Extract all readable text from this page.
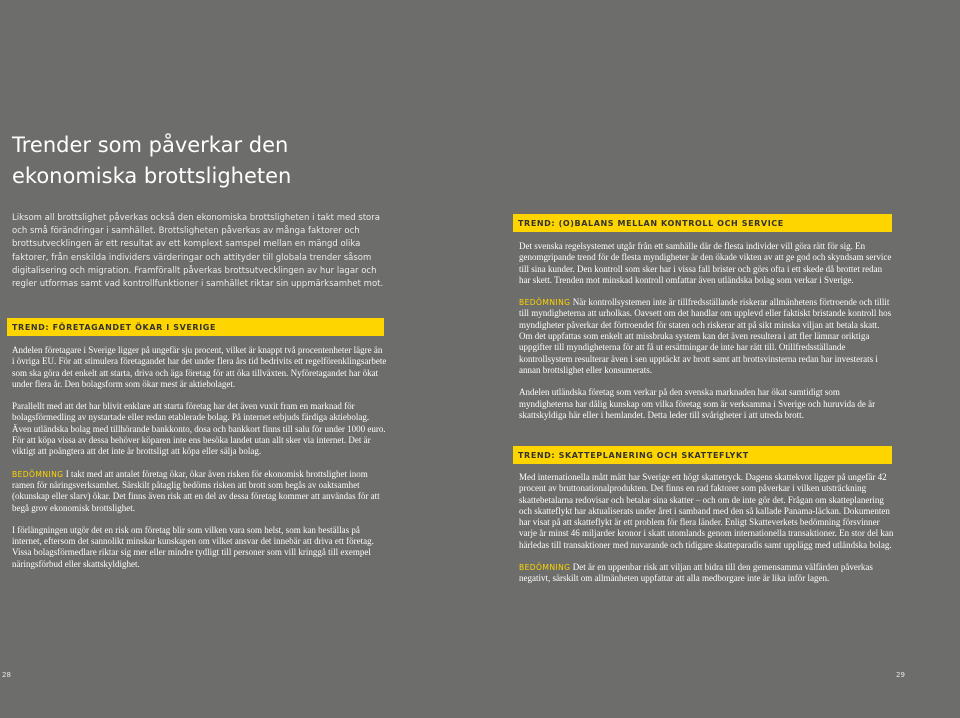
Trender som påverkar den ekonomiska brottsligheten

Liksom all brottslighet påverkas också den ekonomiska brottsligheten i takt med stora och små förändringar i samhället. Brottsligheten påverkas av många faktorer och brottsutvecklingen är ett resultat av ett komplext samspel mellan en mängd olika faktorer, från enskilda individers värderingar och attityder till globala trender såsom digitalisering och migration. Framförallt påverkas brottsutvecklingen av hur lagar och regler utformas samt vad kontrollfunktioner i samhället riktar sin uppmärksamhet mot.

TREND: FÖRETAGANDET ÖKAR I SVERIGE

Andelen företagare i Sverige ligger på ungefär sju procent, vilket är knappt två procentenheter lägre än i övriga EU. För att stimulera företagandet har det under flera års tid bedrivits ett regelförenklingsarbete som ska göra det enkelt att starta, driva och äga företag för att öka tillväxten. Nyföretagandet har ökat under flera år. Den bolagsform som ökar mest är aktiebolaget.

Parallellt med att det har blivit enklare att starta företag har det även vuxit fram en marknad för bolagsförmedling av nystartade eller redan etablerade bolag. På internet erbjuds färdiga aktiebolag. Även utländska bolag med tillhörande bankkonto, dosa och bankkort finns till salu för under 1000 euro. För att köpa vissa av dessa behöver köparen inte ens besöka landet utan allt sker via internet. Det är viktigt att poängtera att det inte är brottsligt att köpa eller sälja bolag.

BEDÖMNING I takt med att antalet företag ökar, ökar även risken för ekonomisk brottslighet inom ramen för näringsverksamhet. Särskilt påtaglig bedöms risken att brott som begås av oaktsamhet (okunskap eller slarv) ökar. Det finns även risk att en del av dessa företag kommer att användas för att begå grov ekonomisk brottslighet.

I förlängningen utgör det en risk om företag blir som vilken vara som helst, som kan beställas på internet, eftersom det sannolikt minskar kunskapen om vilket ansvar det innebär att driva ett företag. Vissa bolagsförmedlare riktar sig mer eller mindre tydligt till personer som vill kringgå till exempel näringsförbud eller skattskyldighet.

28
TREND: (O)BALANS MELLAN KONTROLL OCH SERVICE

Det svenska regelsystemet utgår från ett samhälle där de flesta individer vill göra rätt för sig. En genomgripande trend för de flesta myndigheter är den ökade vikten av att ge god och skyndsam service till sina kunder. Den kontroll som sker har i vissa fall brister och görs ofta i ett skede då brottet redan har skett. Trenden mot minskad kontroll omfattar även utländska bolag som verkar i Sverige.

BEDÖMNING När kontrollsystemen inte är tillfredsställande riskerar allmänhetens förtroende och tillit till myndigheterna att urholkas. Oavsett om det handlar om upplevd eller faktiskt bristande kontroll hos myndigheter påverkar det förtroendet för staten och riskerar att på sikt minska viljan att betala skatt. Om det uppfattas som enkelt att missbruka system kan det även resultera i att fler lämnar oriktiga uppgifter till myndigheterna för att få ut ersättningar de inte har rätt till. Otillfredsställande kontrollsystem resulterar även i sen upptäckt av brott samt att brottsvinsterna redan har investerats i annan brottslighet eller konsumerats.

Andelen utländska företag som verkar på den svenska marknaden har ökat samtidigt som myndigheterna har dålig kunskap om vilka företag som är verksamma i Sverige och huruvida de är skattskyldiga här eller i hemlandet. Detta leder till svårigheter i att utreda brott.

TREND: SKATTEPLANERING OCH SKATTEFLYKT

Med internationella mått mätt har Sverige ett högt skattetryck. Dagens skattekvot ligger på ungefär 42 procent av bruttonationalprodukten. Det finns en rad faktorer som påverkar i vilken utsträckning skattebetalarna redovisar och betalar sina skatter – och om de inte gör det. Frågan om skatteplanering och skatteflykt har aktualiserats under året i samband med den så kallade Panama-läckan. Dokumenten har visat på att skatteflykt är ett problem för flera länder. Enligt Skatteverkets bedömning försvinner varje år minst 46 miljarder kronor i skatt utomlands genom internationella transaktioner. En stor del kan härledas till transaktioner med nuvarande och tidigare skatteparadis samt upplägg med utländska bolag.

BEDÖMNING Det är en uppenbar risk att viljan att bidra till den gemensamma välfärden påverkas negativt, särskilt om allmänheten uppfattar att alla medborgare inte är lika inför lagen.

29
